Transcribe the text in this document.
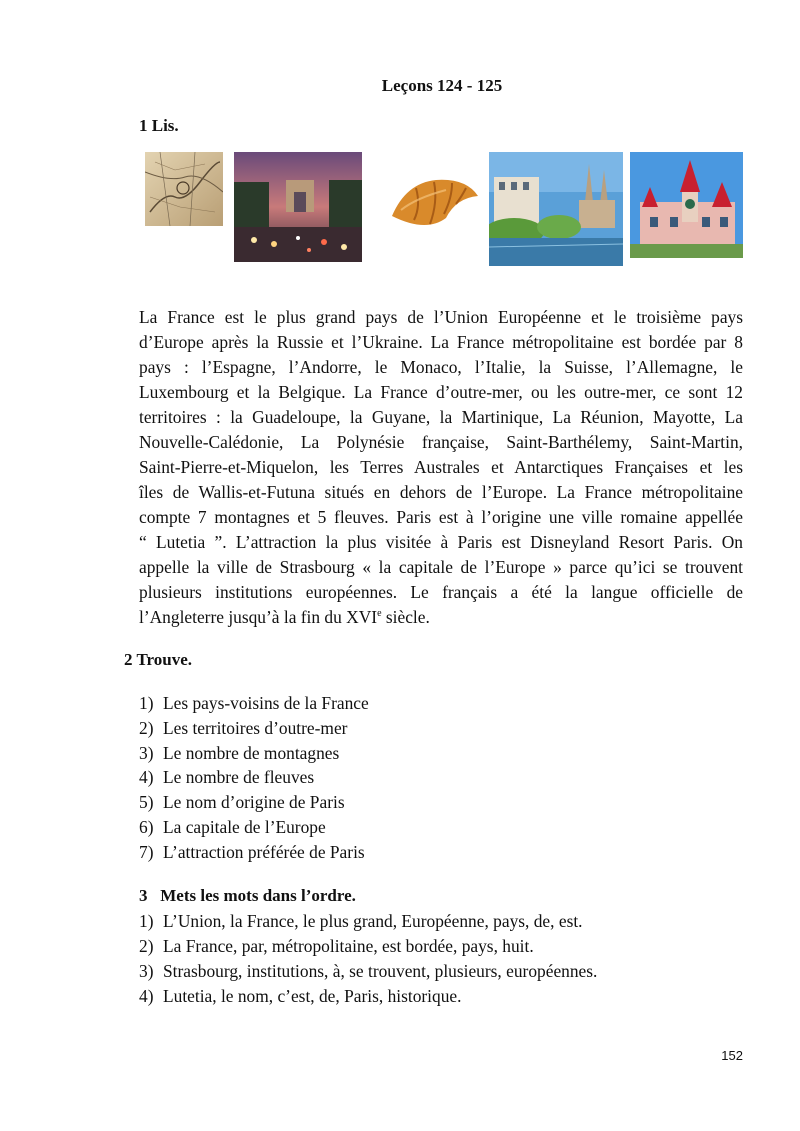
Leçons 124 - 125
1 Lis.
La France est le plus grand pays de l’Union Européenne et le troisième pays
d’Europe après la Russie et l’Ukraine. La France métropolitaine est bordée par 8
pays : l’Espagne, l’Andorre, le Monaco, l’Italie, la Suisse, l’Allemagne, le
Luxembourg et la Belgique. La France d’outre-mer, ou les outre-mer, ce sont 12
territoires : la Guadeloupe, la Guyane, la Martinique, La Réunion, Mayotte, La
Nouvelle-Calédonie, La Polynésie française, Saint-Barthélemy, Saint-Martin,
Saint-Pierre-et-Miquelon, les Terres Australes et Antarctiques Françaises et les
îles de Wallis-et-Futuna situés en dehors de l’Europe. La France métropolitaine
compte 7 montagnes et 5 fleuves. Paris est à l’origine une ville romaine appellée
“ Lutetia ”. L’attraction la plus visitée à Paris est Disneyland Resort Paris. On
appelle la ville de Strasbourg « la capitale de l’Europe » parce qu’ici se trouvent
plusieurs institutions européennes. Le français a été la langue officielle de
l’Angleterre jusqu’à la fin du XVIe siècle.
2 Trouve.
1) Les pays-voisins de la France
2) Les territoires d’outre-mer
3) Le nombre de montagnes
4) Le nombre de fleuves
5) Le nom d’origine de Paris
6) La capitale de l’Europe
7) L’attraction préférée de Paris
3   Mets les mots dans l’ordre.
1) L’Union, la France, le plus grand, Européenne, pays, de, est.
2) La France, par, métropolitaine, est bordée, pays, huit.
3) Strasbourg, institutions, à, se trouvent, plusieurs, européennes.
4) Lutetia, le nom, c’est, de, Paris, historique.
152
